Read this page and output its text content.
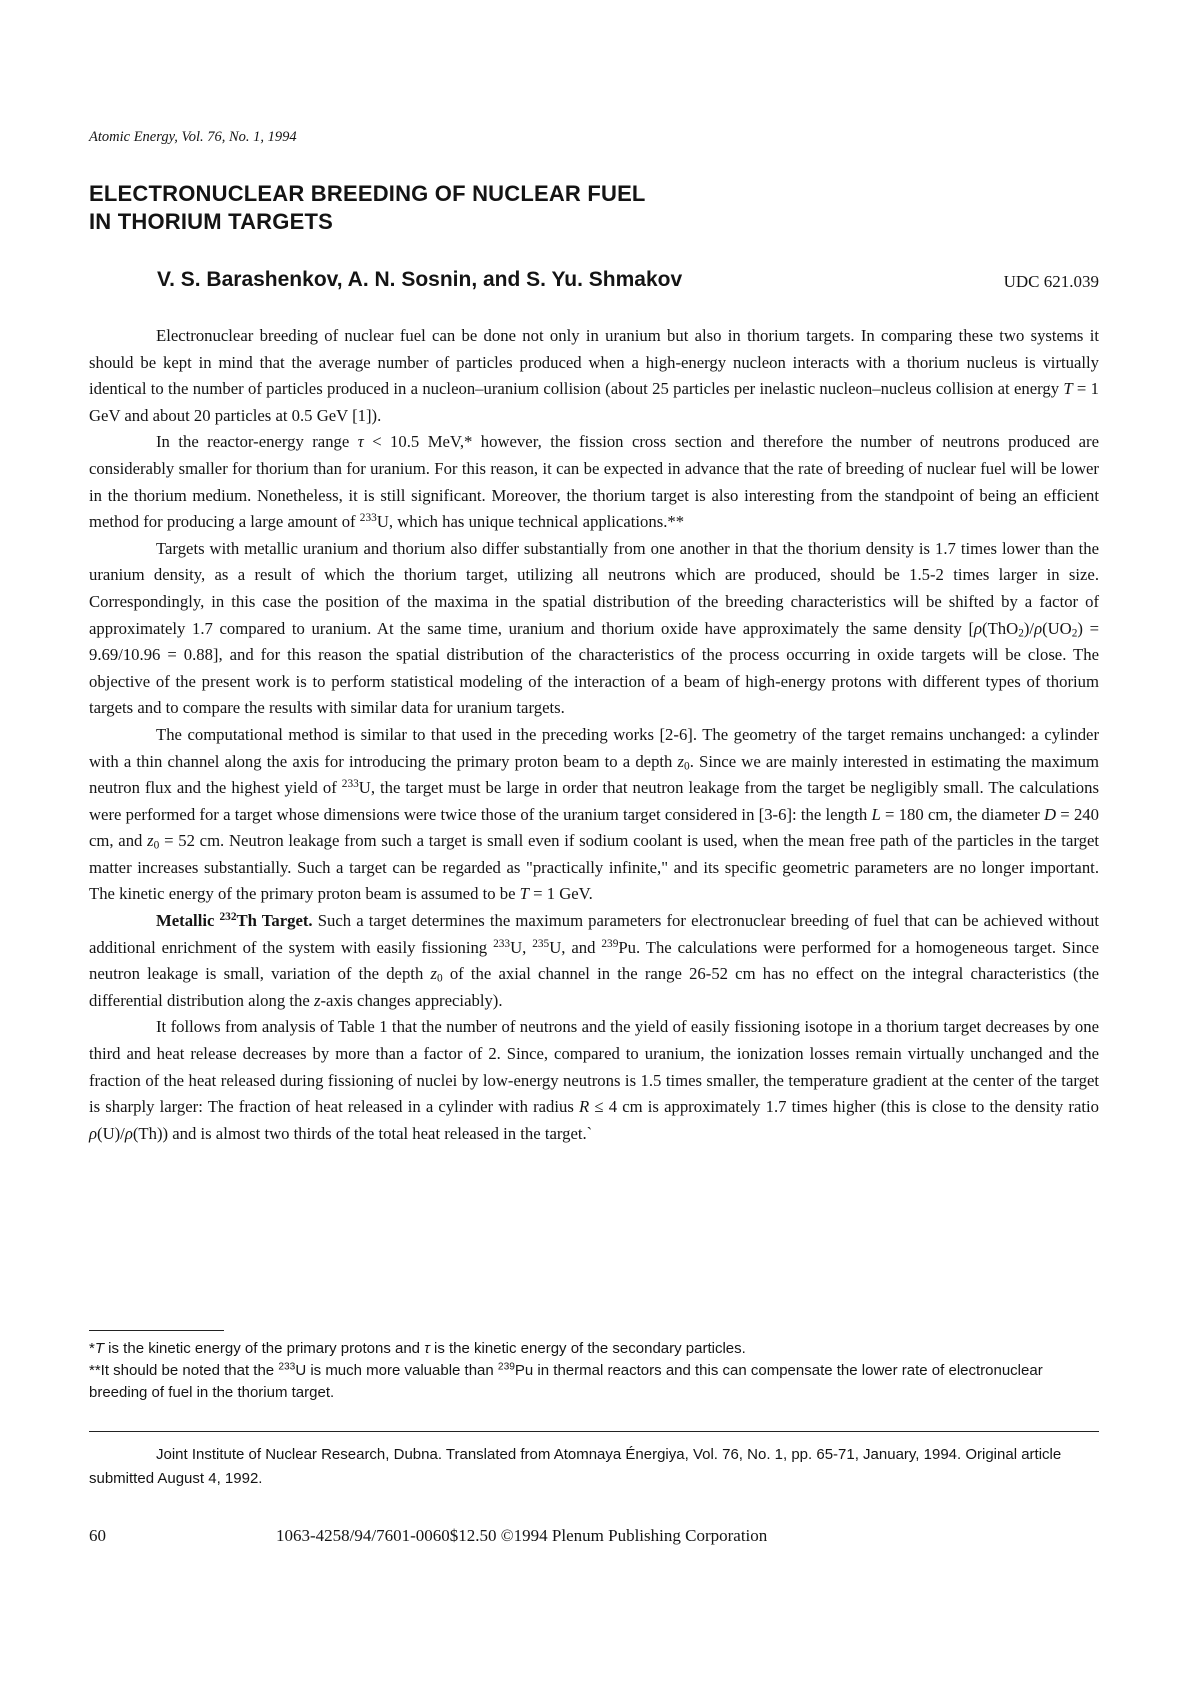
Atomic Energy, Vol. 76, No. 1, 1994
ELECTRONUCLEAR BREEDING OF NUCLEAR FUEL
IN THORIUM TARGETS
V. S. Barashenkov, A. N. Sosnin, and S. Yu. Shmakov	UDC 621.039

Electronuclear breeding of nuclear fuel can be done not only in uranium but also in thorium targets. In comparing these two systems it should be kept in mind that the average number of particles produced when a high-energy nucleon interacts with a thorium nucleus is virtually identical to the number of particles produced in a nucleon–uranium collision (about 25 particles per inelastic nucleon–nucleus collision at energy T = 1 GeV and about 20 particles at 0.5 GeV [1]).

In the reactor-energy range τ < 10.5 MeV,* however, the fission cross section and therefore the number of neutrons produced are considerably smaller for thorium than for uranium. For this reason, it can be expected in advance that the rate of breeding of nuclear fuel will be lower in the thorium medium. Nonetheless, it is still significant. Moreover, the thorium target is also interesting from the standpoint of being an efficient method for producing a large amount of $^{233}$U, which has unique technical applications.**

Targets with metallic uranium and thorium also differ substantially from one another in that the thorium density is 1.7 times lower than the uranium density, as a result of which the thorium target, utilizing all neutrons which are produced, should be 1.5-2 times larger in size. Correspondingly, in this case the position of the maxima in the spatial distribution of the breeding characteristics will be shifted by a factor of approximately 1.7 compared to uranium. At the same time, uranium and thorium oxide have approximately the same density $[\rho(ThO_2)/\rho(UO_2) = 9.69/10.96 = 0.88]$, and for this reason the spatial distribution of the characteristics of the process occurring in oxide targets will be close. The objective of the present work is to perform statistical modeling of the interaction of a beam of high-energy protons with different types of thorium targets and to compare the results with similar data for uranium targets.

The computational method is similar to that used in the preceding works [2-6]. The geometry of the target remains unchanged: a cylinder with a thin channel along the axis for introducing the primary proton beam to a depth $z_0$. Since we are mainly interested in estimating the maximum neutron flux and the highest yield of $^{233}$U, the target must be large in order that neutron leakage from the target be negligibly small. The calculations were performed for a target whose dimensions were twice those of the uranium target considered in [3-6]: the length L = 180 cm, the diameter D = 240 cm, and $z_0 = 52$ cm. Neutron leakage from such a target is small even if sodium coolant is used, when the mean free path of the particles in the target matter increases substantially. Such a target can be regarded as "practically infinite," and its specific geometric parameters are no longer important. The kinetic energy of the primary proton beam is assumed to be T = 1 GeV.

Metallic $^{232}$Th Target. Such a target determines the maximum parameters for electronuclear breeding of fuel that can be achieved without additional enrichment of the system with easily fissioning $^{233}$U, $^{235}$U, and $^{239}$Pu. The calculations were performed for a homogeneous target. Since neutron leakage is small, variation of the depth $z_0$ of the axial channel in the range 26-52 cm has no effect on the integral characteristics (the differential distribution along the z-axis changes appreciably).

It follows from analysis of Table 1 that the number of neutrons and the yield of easily fissioning isotope in a thorium target decreases by one third and heat release decreases by more than a factor of 2. Since, compared to uranium, the ionization losses remain virtually unchanged and the fraction of the heat released during fissioning of nuclei by low-energy neutrons is 1.5 times smaller, the temperature gradient at the center of the target is sharply larger: The fraction of heat released in a cylinder with radius R ≤ 4 cm is approximately 1.7 times higher (this is close to the density ratio ρ(U)/ρ(Th)) and is almost two thirds of the total heat released in the target.`

*T is the kinetic energy of the primary protons and τ is the kinetic energy of the secondary particles.
**It should be noted that the $^{233}$U is much more valuable than $^{239}$Pu in thermal reactors and this can compensate the lower rate of electronuclear breeding of fuel in the thorium target.
Joint Institute of Nuclear Research, Dubna. Translated from Atomnaya Énergiya, Vol. 76, No. 1, pp. 65-71, January, 1994. Original article submitted August 4, 1992.
60	1063-4258/94/7601-0060$12.50 ©1994 Plenum Publishing Corporation
